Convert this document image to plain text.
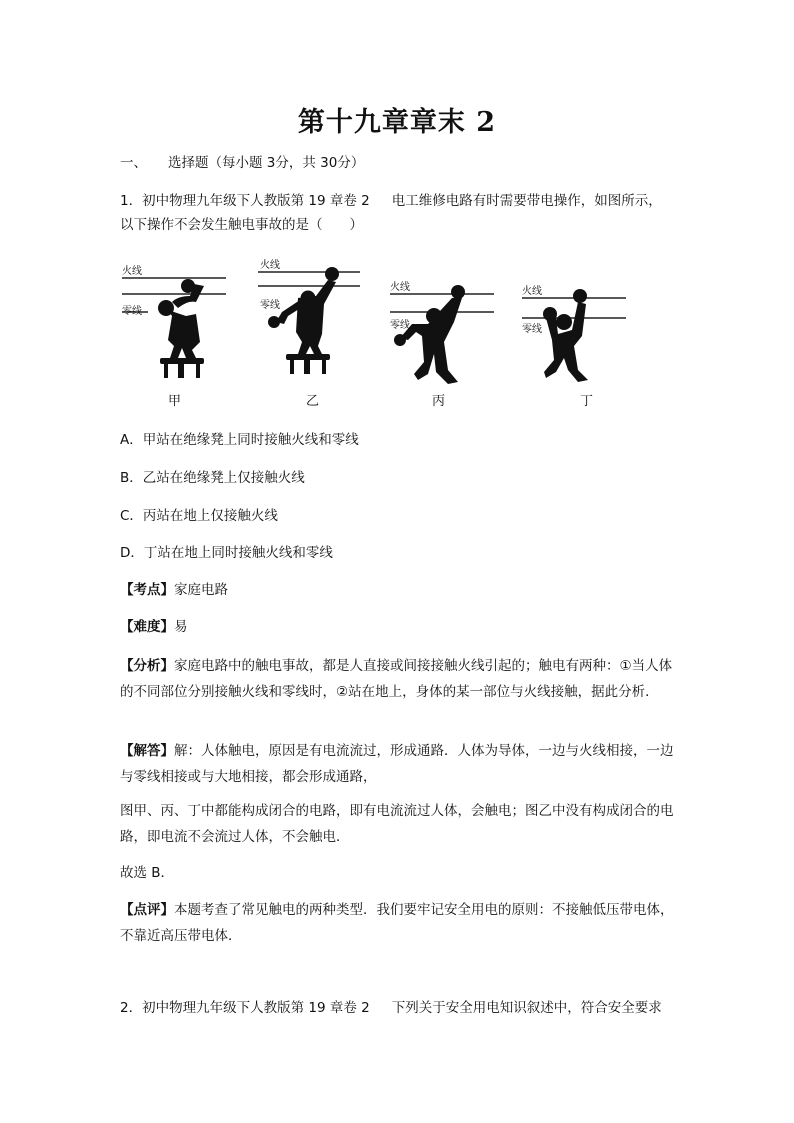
第十九章章末 2
一、 选择题（每小题 3分，共 30分）
1．初中物理九年级下人教版第 19 章卷 2 电工维修电路有时需要带电操作，如图所示，
以下操作不会发生触电事故的是（　　）
火线
零线
火线
零线
火线
零线
火线
零线
甲	乙	丙	丁
A．甲站在绝缘凳上同时接触火线和零线
B．乙站在绝缘凳上仅接触火线
C．丙站在地上仅接触火线
D．丁站在地上同时接触火线和零线
【考点】家庭电路
【难度】易
【分析】家庭电路中的触电事故，都是人直接或间接接触火线引起的；触电有两种：①当人体的不同部位分别接触火线和零线时，②站在地上，身体的某一部位与火线接触，据此分析．
【解答】解：人体触电，原因是有电流流过，形成通路．人体为导体，一边与火线相接，一边与零线相接或与大地相接，都会形成通路，
图甲、丙、丁中都能构成闭合的电路，即有电流流过人体，会触电；图乙中没有构成闭合的电路，即电流不会流过人体，不会触电．
故选 B．
【点评】本题考查了常见触电的两种类型．我们要牢记安全用电的原则：不接触低压带电体，不靠近高压带电体．
2．初中物理九年级下人教版第 19 章卷 2 下列关于安全用电知识叙述中，符合安全要求
